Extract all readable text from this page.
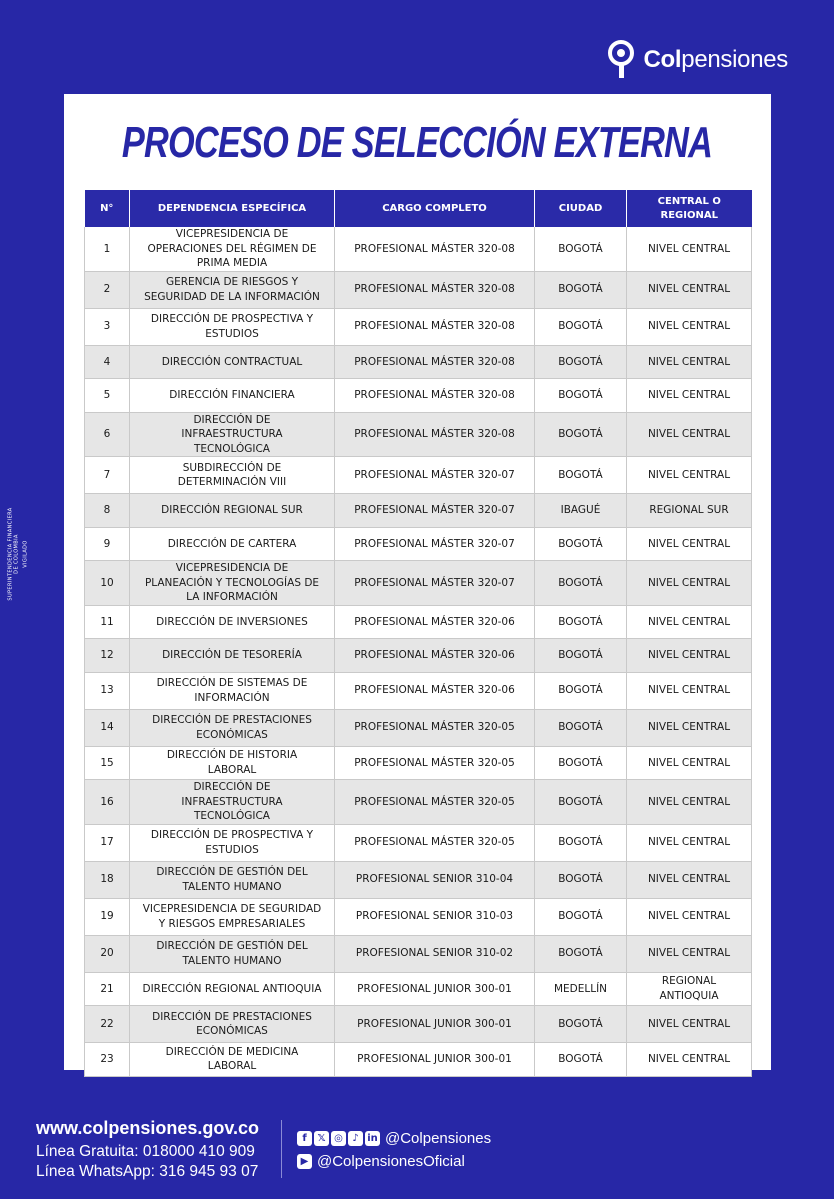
Colpensiones
PROCESO DE SELECCIÓN EXTERNA
N°	DEPENDENCIA ESPECÍFICA	CARGO COMPLETO	CIUDAD	CENTRAL O REGIONAL
1	VICEPRESIDENCIA DE OPERACIONES DEL RÉGIMEN DE PRIMA MEDIA	PROFESIONAL MÁSTER 320-08	BOGOTÁ	NIVEL CENTRAL
2	GERENCIA DE RIESGOS Y SEGURIDAD DE LA INFORMACIÓN	PROFESIONAL MÁSTER 320-08	BOGOTÁ	NIVEL CENTRAL
3	DIRECCIÓN DE PROSPECTIVA Y ESTUDIOS	PROFESIONAL MÁSTER 320-08	BOGOTÁ	NIVEL CENTRAL
4	DIRECCIÓN CONTRACTUAL	PROFESIONAL MÁSTER 320-08	BOGOTÁ	NIVEL CENTRAL
5	DIRECCIÓN FINANCIERA	PROFESIONAL MÁSTER 320-08	BOGOTÁ	NIVEL CENTRAL
6	DIRECCIÓN DE INFRAESTRUCTURA TECNOLÓGICA	PROFESIONAL MÁSTER 320-08	BOGOTÁ	NIVEL CENTRAL
7	SUBDIRECCIÓN DE DETERMINACIÓN VIII	PROFESIONAL MÁSTER 320-07	BOGOTÁ	NIVEL CENTRAL
8	DIRECCIÓN REGIONAL SUR	PROFESIONAL MÁSTER 320-07	IBAGUÉ	REGIONAL SUR
9	DIRECCIÓN DE CARTERA	PROFESIONAL MÁSTER 320-07	BOGOTÁ	NIVEL CENTRAL
10	VICEPRESIDENCIA DE PLANEACIÓN Y TECNOLOGÍAS DE LA INFORMACIÓN	PROFESIONAL MÁSTER 320-07	BOGOTÁ	NIVEL CENTRAL
11	DIRECCIÓN DE INVERSIONES	PROFESIONAL MÁSTER 320-06	BOGOTÁ	NIVEL CENTRAL
12	DIRECCIÓN DE TESORERÍA	PROFESIONAL MÁSTER 320-06	BOGOTÁ	NIVEL CENTRAL
13	DIRECCIÓN DE SISTEMAS DE INFORMACIÓN	PROFESIONAL MÁSTER 320-06	BOGOTÁ	NIVEL CENTRAL
14	DIRECCIÓN DE PRESTACIONES ECONÓMICAS	PROFESIONAL MÁSTER 320-05	BOGOTÁ	NIVEL CENTRAL
15	DIRECCIÓN DE HISTORIA LABORAL	PROFESIONAL MÁSTER 320-05	BOGOTÁ	NIVEL CENTRAL
16	DIRECCIÓN DE INFRAESTRUCTURA TECNOLÓGICA	PROFESIONAL MÁSTER 320-05	BOGOTÁ	NIVEL CENTRAL
17	DIRECCIÓN DE PROSPECTIVA Y ESTUDIOS	PROFESIONAL MÁSTER 320-05	BOGOTÁ	NIVEL CENTRAL
18	DIRECCIÓN DE GESTIÓN DEL TALENTO HUMANO	PROFESIONAL SENIOR 310-04	BOGOTÁ	NIVEL CENTRAL
19	VICEPRESIDENCIA DE SEGURIDAD Y RIESGOS EMPRESARIALES	PROFESIONAL SENIOR 310-03	BOGOTÁ	NIVEL CENTRAL
20	DIRECCIÓN DE GESTIÓN DEL TALENTO HUMANO	PROFESIONAL SENIOR 310-02	BOGOTÁ	NIVEL CENTRAL
21	DIRECCIÓN REGIONAL ANTIOQUIA	PROFESIONAL JUNIOR 300-01	MEDELLÍN	REGIONAL ANTIOQUIA
22	DIRECCIÓN DE PRESTACIONES ECONÓMICAS	PROFESIONAL JUNIOR 300-01	BOGOTÁ	NIVEL CENTRAL
23	DIRECCIÓN DE MEDICINA LABORAL	PROFESIONAL JUNIOR 300-01	BOGOTÁ	NIVEL CENTRAL
SUPERINTENDENCIA FINANCIERA DE COLOMBIA VIGILADO
www.colpensiones.gov.co
Línea Gratuita: 018000 410 909
Línea WhatsApp: 316 945 93 07
f	𝕏 ◎ ♪ in @Colpensiones
▶ @ColpensionesOficial
